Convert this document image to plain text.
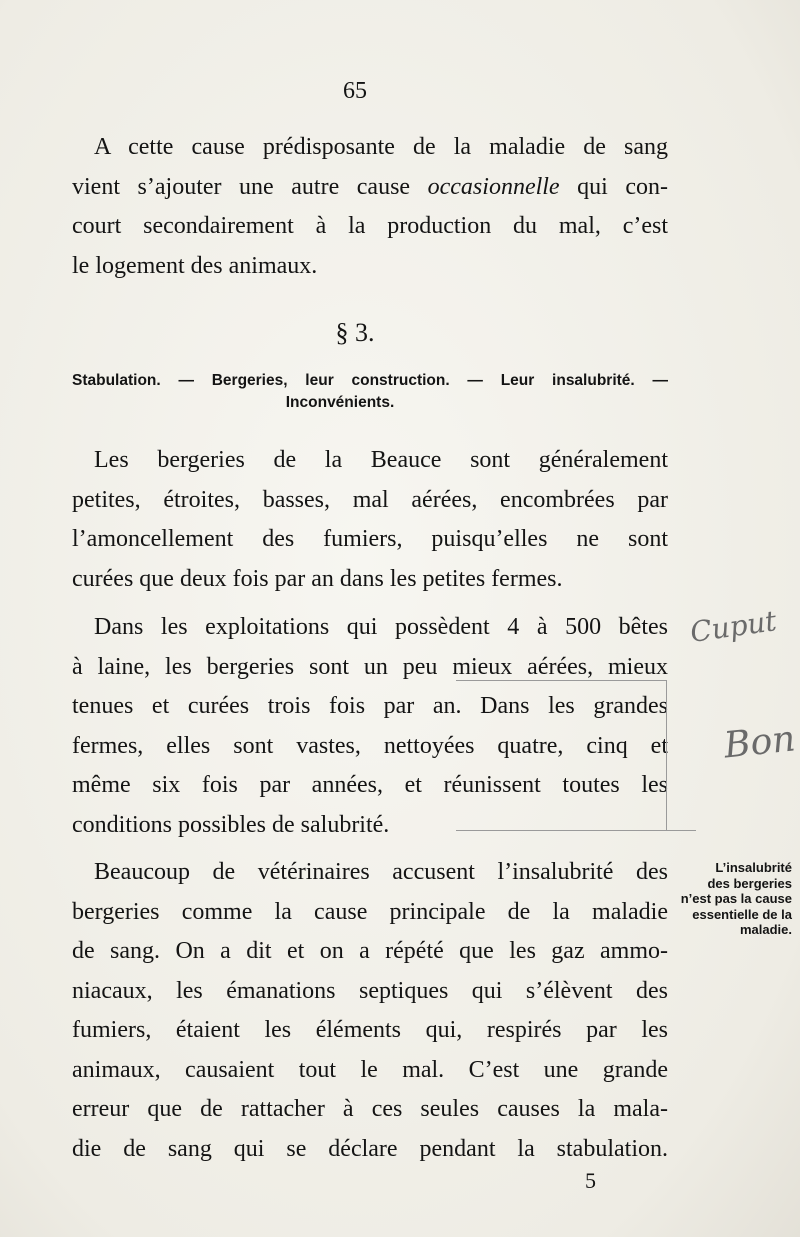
65
A cette cause prédisposante de la maladie de sang
vient s’ajouter une autre cause occasionnelle qui con-
court secondairement à la production du mal, c’est
le logement des animaux.
§ 3.
Stabulation. — Bergeries, leur construction. — Leur insalubrité. —
Inconvénients.
Les bergeries de la Beauce sont généralement
petites, étroites, basses, mal aérées, encombrées par
l’amoncellement des fumiers, puisqu’elles ne sont
curées que deux fois par an dans les petites fermes.
Dans les exploitations qui possèdent 4 à 500 bêtes
à laine, les bergeries sont un peu mieux aérées, mieux
tenues et curées trois fois par an. Dans les grandes
fermes, elles sont vastes, nettoyées quatre, cinq et
même six fois par années, et réunissent toutes les
conditions possibles de salubrité.
Beaucoup de vétérinaires accusent l’insalubrité des
bergeries comme la cause principale de la maladie
de sang. On a dit et on a répété que les gaz ammo-
niacaux, les émanations septiques qui s’élèvent des
fumiers, étaient les éléments qui, respirés par les
animaux, causaient tout le mal. C’est une grande
erreur que de rattacher à ces seules causes la mala-
die de sang qui se déclare pendant la stabulation.
L’insalubrité
des bergeries
n’est pas la cause
essentielle de la
maladie.
Cuput
Bon
5
